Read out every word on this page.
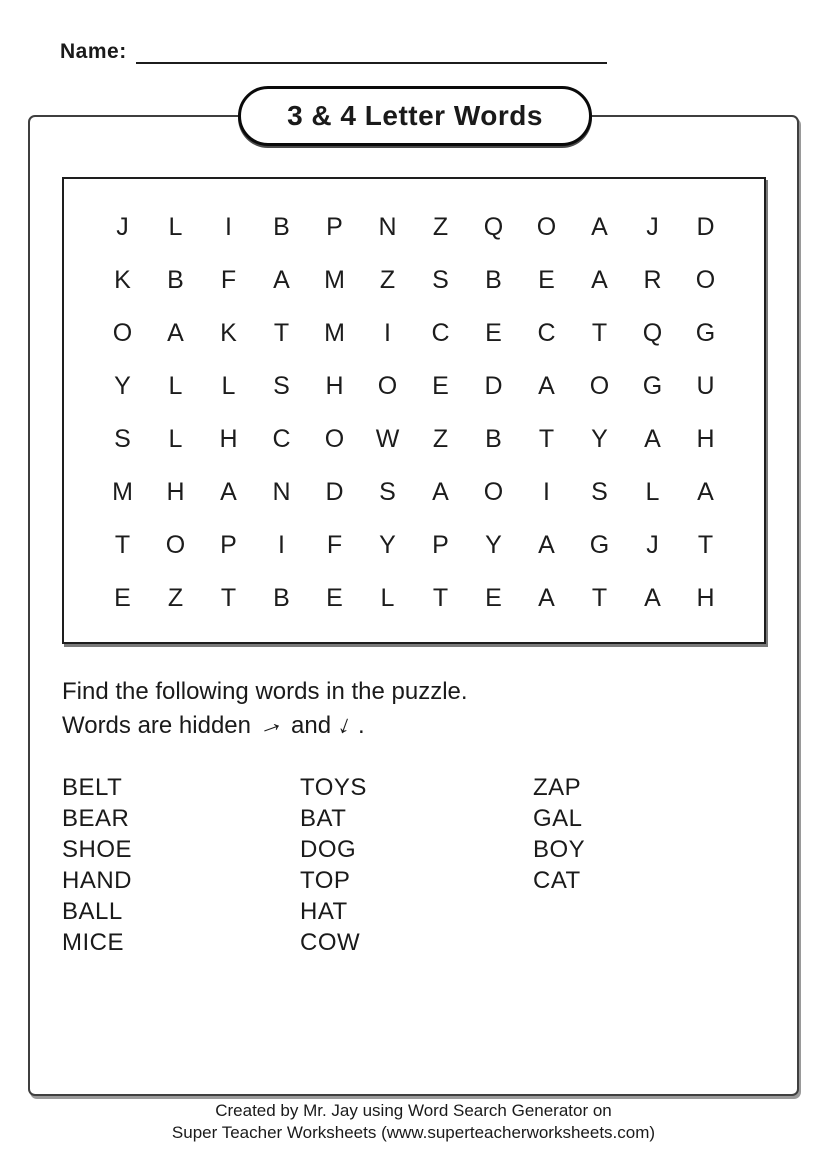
Name:
3 & 4 Letter Words
J	L	I	B	P	N	Z	Q	O	A	J	D
K	B	F	A	M	Z	S	B	E	A	R	O
O	A	K	T	M	I	C	E	C	T	Q	G
Y	L	L	S	H	O	E	D	A	O	G	U
S	L	H	C	O	W	Z	B	T	Y	A	H
M	H	A	N	D	S	A	O	I	S	L	A
T	O	P	I	F	Y	P	Y	A	G	J	T
E	Z	T	B	E	L	T	E	A	T	A	H
Find the following words in the puzzle.
Words are hidden→ and ↓.
BELT
BEAR
SHOE
HAND
BALL
MICE
TOYS
BAT
DOG
TOP
HAT
COW
ZAP
GAL
BOY
CAT
Created by Mr. Jay using Word Search Generator on
Super Teacher Worksheets (www.superteacherworksheets.com)
